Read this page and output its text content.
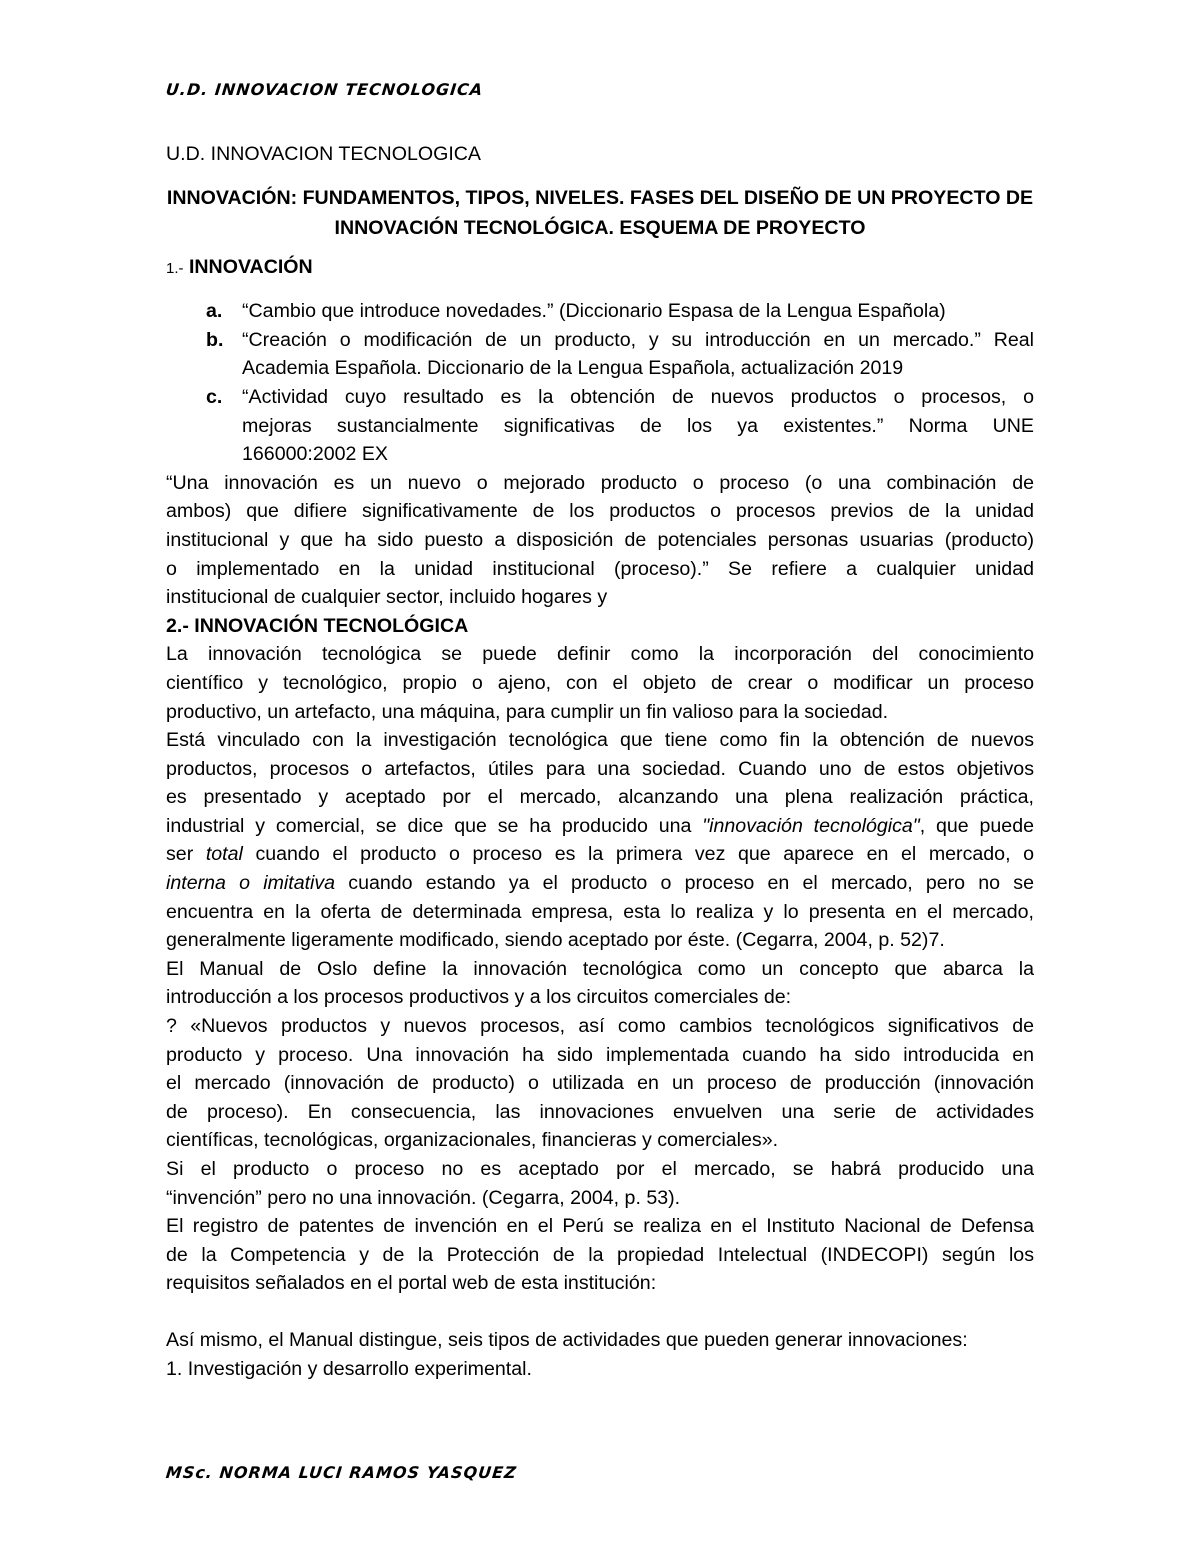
U.D. INNOVACION TECNOLOGICA
U.D. INNOVACION TECNOLOGICA
INNOVACIÓN: FUNDAMENTOS, TIPOS, NIVELES. FASES DEL DISEÑO DE UN PROYECTO DE
INNOVACIÓN TECNOLÓGICA. ESQUEMA DE PROYECTO
1.- INNOVACIÓN
a. “Cambio que introduce novedades.” (Diccionario Espasa de la Lengua Española)
b. “Creación o modificación de un producto, y su introducción en un mercado.” Real
Academia Española. Diccionario de la Lengua Española, actualización 2019
c. “Actividad cuyo resultado es la obtención de nuevos productos o procesos, o
mejoras sustancialmente significativas de los ya existentes.” Norma UNE
166000:2002 EX
“Una innovación es un nuevo o mejorado producto o proceso (o una combinación de
ambos) que difiere significativamente de los productos o procesos previos de la unidad
institucional y que ha sido puesto a disposición de potenciales personas usuarias (producto)
o implementado en la unidad institucional (proceso).” Se refiere a cualquier unidad
institucional de cualquier sector, incluido hogares y
2.- INNOVACIÓN TECNOLÓGICA
La innovación tecnológica se puede definir como la incorporación del conocimiento
científico y tecnológico, propio o ajeno, con el objeto de crear o modificar un proceso
productivo, un artefacto, una máquina, para cumplir un fin valioso para la sociedad.
Está vinculado con la investigación tecnológica que tiene como fin la obtención de nuevos
productos, procesos o artefactos, útiles para una sociedad. Cuando uno de estos objetivos
es presentado y aceptado por el mercado, alcanzando una plena realización práctica,
industrial y comercial, se dice que se ha producido una "innovación tecnológica", que puede
ser total cuando el producto o proceso es la primera vez que aparece en el mercado, o
interna o imitativa cuando estando ya el producto o proceso en el mercado, pero no se
encuentra en la oferta de determinada empresa, esta lo realiza y lo presenta en el mercado,
generalmente ligeramente modificado, siendo aceptado por éste. (Cegarra, 2004, p. 52)7.
El Manual de Oslo define la innovación tecnológica como un concepto que abarca la
introducción a los procesos productivos y a los circuitos comerciales de:
? «Nuevos productos y nuevos procesos, así como cambios tecnológicos significativos de
producto y proceso. Una innovación ha sido implementada cuando ha sido introducida en
el mercado (innovación de producto) o utilizada en un proceso de producción (innovación
de proceso). En consecuencia, las innovaciones envuelven una serie de actividades
científicas, tecnológicas, organizacionales, financieras y comerciales».
Si el producto o proceso no es aceptado por el mercado, se habrá producido una
“invención” pero no una innovación. (Cegarra, 2004, p. 53).
El registro de patentes de invención en el Perú se realiza en el Instituto Nacional de Defensa
de la Competencia y de la Protección de la propiedad Intelectual (INDECOPI) según los
requisitos señalados en el portal web de esta institución:
Así mismo, el Manual distingue, seis tipos de actividades que pueden generar innovaciones:
1. Investigación y desarrollo experimental.
MSc. NORMA LUCI RAMOS YASQUEZ
